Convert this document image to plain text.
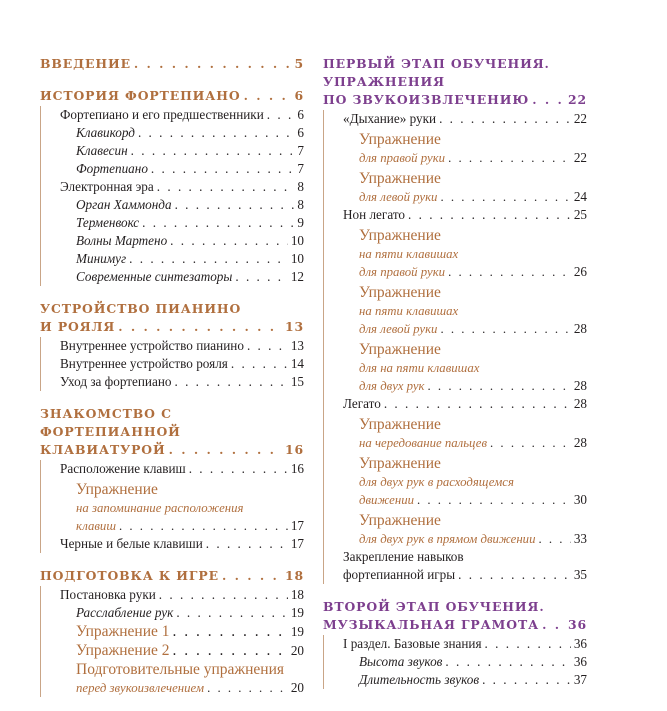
ВВЕДЕНИЕ . . .	5
ИСТОРИЯ ФОРТЕПИАНО . . .	6
Фортепиано и его предшественники . . .	6
Клавикорд . . .	6
Клавесин . . .	7
Фортепиано . . .	7
Электронная эра . . .	8
Орган Хаммонда . . .	8
Терменвокс . . .	9
Волны Мартено . . .	10
Минимуг . . .	10
Современные синтезаторы . . .	12
УСТРОЙСТВО ПИАНИНО
И РОЯЛЯ . . .	13
Внутреннее устройство пианино . . .	13
Внутреннее устройство рояля . . .	14
Уход за фортепиано . . .	15
ЗНАКОМСТВО С ФОРТЕПИАННОЙ
КЛАВИАТУРОЙ . . .	16
Расположение клавиш . . .	16
Упражнение
на запоминание расположения
клавиш . . .	17
Черные и белые клавиши . . .	17
ПОДГОТОВКА К ИГРЕ . . .	18
Постановка руки . . .	18
Расслабление рук . . .	19
Упражнение 1 . . .	19
Упражнение 2 . . .	20
Подготовительные упражнения
перед звукоизвлечением . . .	20
ПЕРВЫЙ ЭТАП ОБУЧЕНИЯ.
УПРАЖНЕНИЯ
ПО ЗВУКОИЗВЛЕЧЕНИЮ . . .	22
«Дыхание» руки . . .	22
Упражнение
для правой руки . . .	22
Упражнение
для левой руки . . .	24
Нон легато . . .	25
Упражнение
на пяти клавишах
для правой руки . . .	26
Упражнение
на пяти клавишах
для левой руки . . .	28
Упражнение
для на пяти клавишах
для двух рук . . .	28
Легато . . .	28
Упражнение
на чередование пальцев . . .	28
Упражнение
для двух рук в расходящемся
движении . . .	30
Упражнение
для двух рук в прямом движении . . .	33
Закрепление навыков
фортепианной игры . . .	35
ВТОРОЙ ЭТАП ОБУЧЕНИЯ.
МУЗЫКАЛЬНАЯ ГРАМОТА . . . 36
I раздел. Базовые знания . . .	36
Высота звуков . . .	36
Длительность звуков . . .	37
